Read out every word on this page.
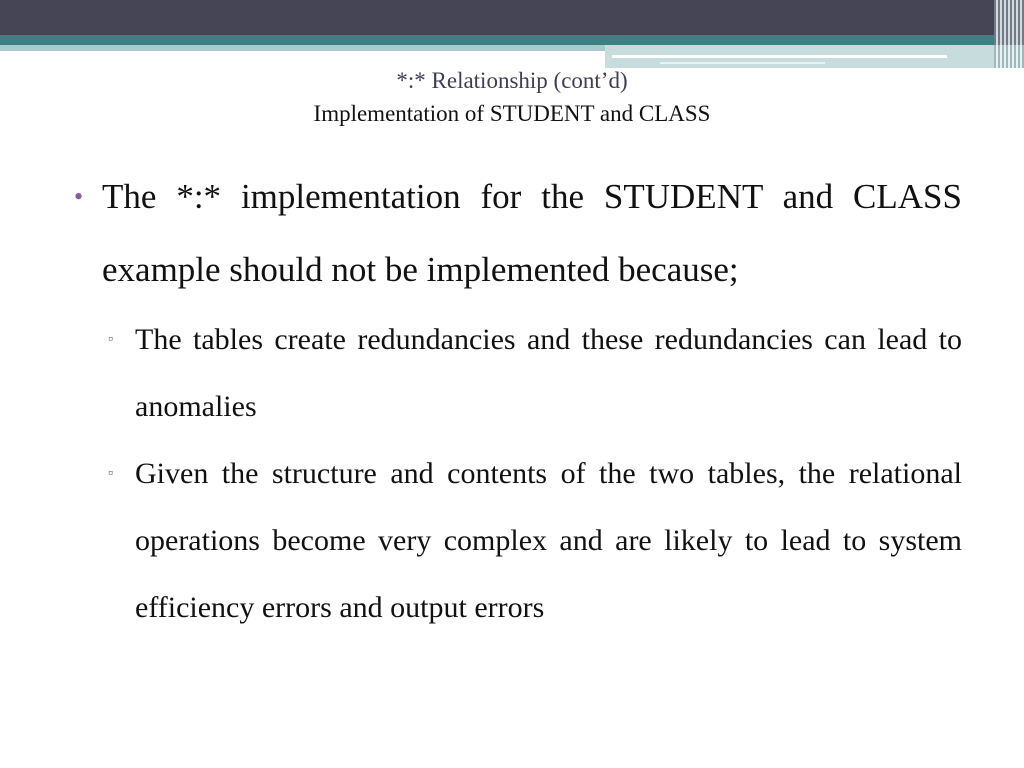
*:* Relationship (cont’d)
Implementation of STUDENT and CLASS
• The *:* implementation for the STUDENT and CLASS example should not be implemented because;
▫ The tables create redundancies and these redundancies can lead to anomalies
▫ Given the structure and contents of the two tables, the relational operations become very complex and are likely to lead to system efficiency errors and output errors
